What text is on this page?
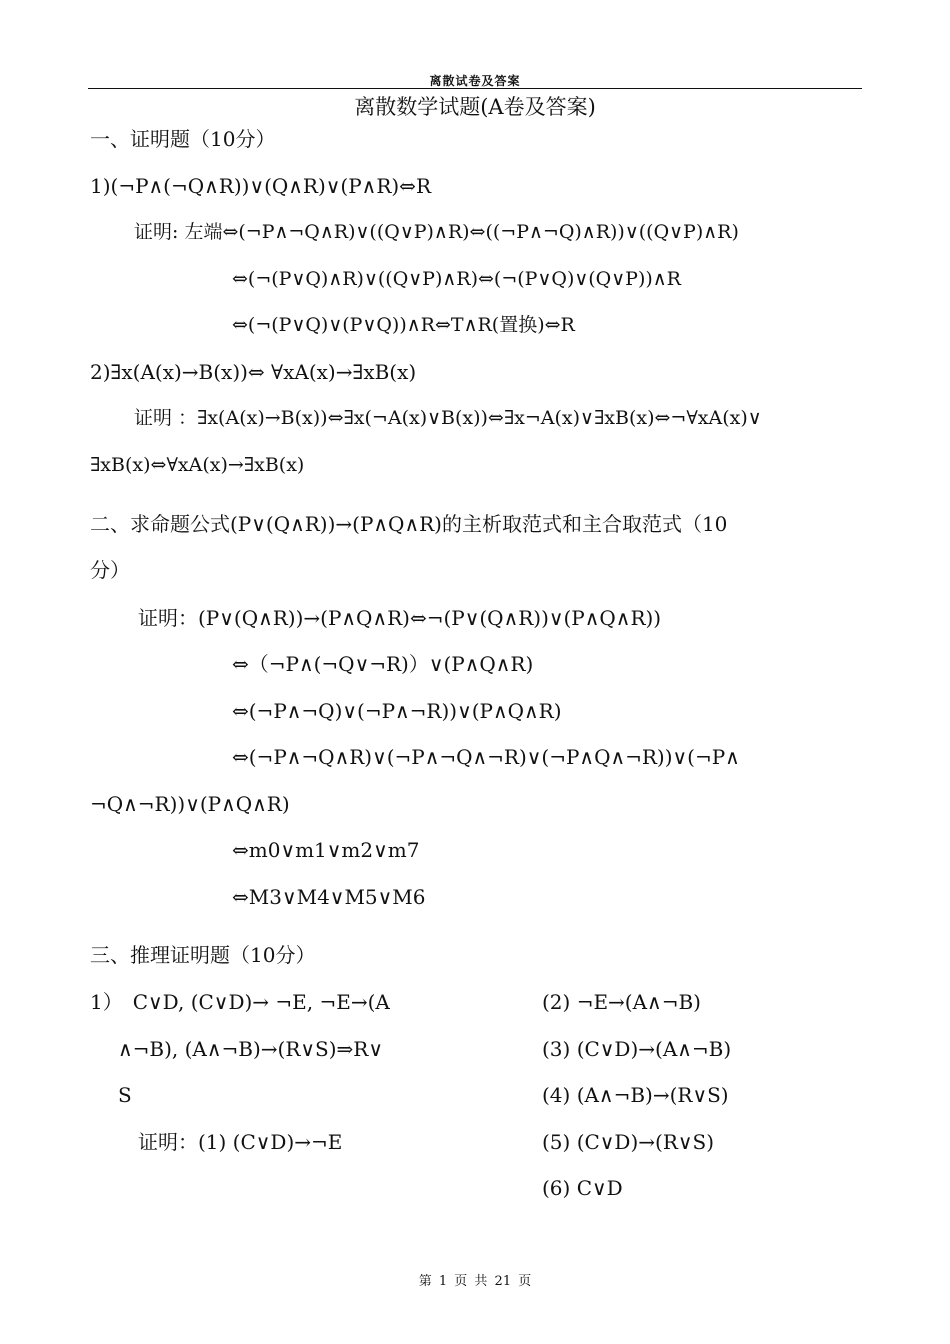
离散试卷及答案
离散数学试题(A卷及答案)
一、证明题（10分）
1)(¬P∧(¬Q∧R))∨(Q∧R)∨(P∧R)⇔R
证明: 左端⇔(¬P∧¬Q∧R)∨((Q∨P)∧R)⇔((¬P∧¬Q)∧R))∨((Q∨P)∧R)
⇔(¬(P∨Q)∧R)∨((Q∨P)∧R)⇔(¬(P∨Q)∨(Q∨P))∧R
⇔(¬(P∨Q)∨(P∨Q))∧R⇔T∧R(置换)⇔R
2)∃x(A(x)→B(x))⇔ ∀xA(x)→∃xB(x)
证明 ：∃x(A(x)→B(x))⇔∃x(¬A(x)∨B(x))⇔∃x¬A(x)∨∃xB(x)⇔¬∀xA(x)∨
∃xB(x)⇔∀xA(x)→∃xB(x)
二、求命题公式(P∨(Q∧R))→(P∧Q∧R)的主析取范式和主合取范式（10
分）
证明：(P∨(Q∧R))→(P∧Q∧R)⇔¬(P∨(Q∧R))∨(P∧Q∧R))
⇔（¬P∧(¬Q∨¬R)）∨(P∧Q∧R)
⇔(¬P∧¬Q)∨(¬P∧¬R))∨(P∧Q∧R)
⇔(¬P∧¬Q∧R)∨(¬P∧¬Q∧¬R)∨(¬P∧Q∧¬R))∨(¬P∧
¬Q∧¬R))∨(P∧Q∧R)
⇔m0∨m1∨m2∨m7
⇔M3∨M4∨M5∨M6
三、推理证明题（10分）
1）　C∨D, (C∨D)→ ¬E, ¬E→(A
∧¬B), (A∧¬B)→(R∨S)⇒R∨
S
证明：(1) (C∨D)→¬E
(2) ¬E→(A∧¬B)
(3) (C∨D)→(A∧¬B)
(4) (A∧¬B)→(R∨S)
(5) (C∨D)→(R∨S)
(6) C∨D
第 1 页 共 21 页
